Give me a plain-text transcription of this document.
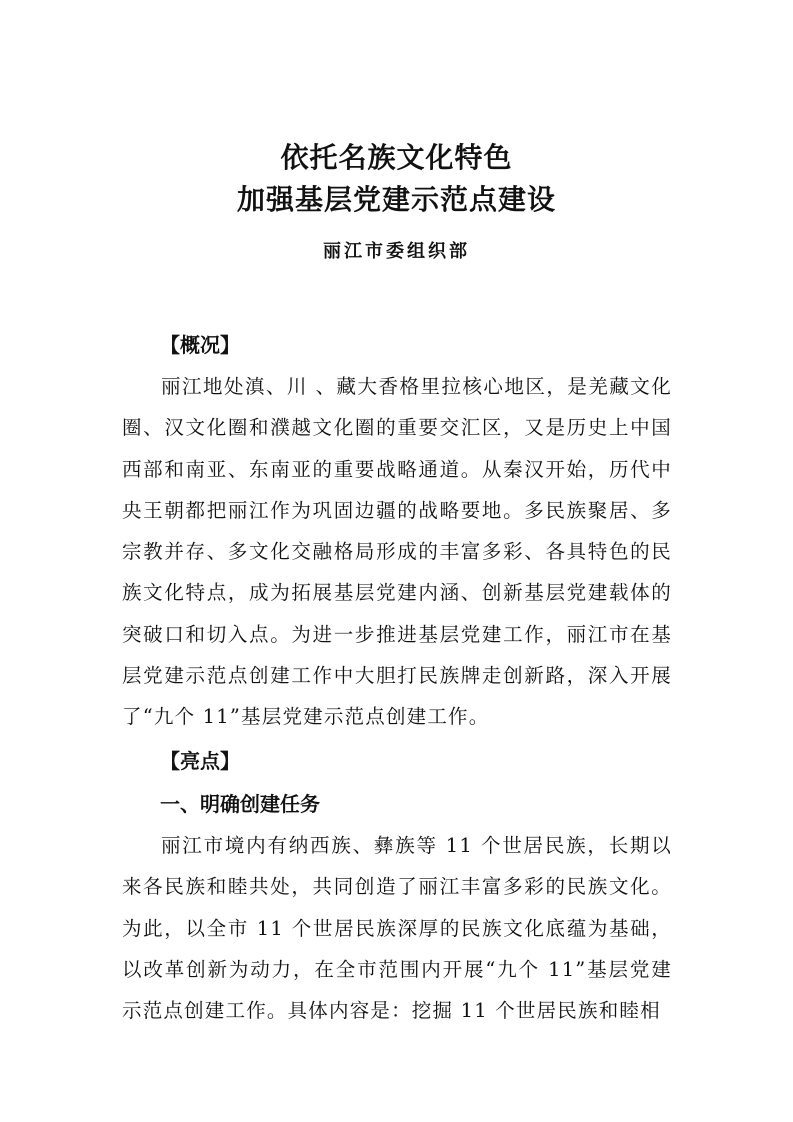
依托名族文化特色
加强基层党建示范点建设
丽江市委组织部
【概况】

丽江地处滇、川 、藏大香格里拉核心地区，是羌藏文化圈、汉文化圈和濮越文化圈的重要交汇区，又是历史上中国西部和南亚、东南亚的重要战略通道。从秦汉开始，历代中央王朝都把丽江作为巩固边疆的战略要地。多民族聚居、多宗教并存、多文化交融格局形成的丰富多彩、各具特色的民族文化特点，成为拓展基层党建内涵、创新基层党建载体的突破口和切入点。为进一步推进基层党建工作，丽江市在基层党建示范点创建工作中大胆打民族牌走创新路，深入开展了“九个 11”基层党建示范点创建工作。

【亮点】
一、明确创建任务

丽江市境内有纳西族、彝族等 11 个世居民族，长期以来各民族和睦共处，共同创造了丽江丰富多彩的民族文化。为此，以全市 11 个世居民族深厚的民族文化底蕴为基础，以改革创新为动力，在全市范围内开展“九个 11”基层党建示范点创建工作。具体内容是：挖掘 11 个世居民族和睦相
